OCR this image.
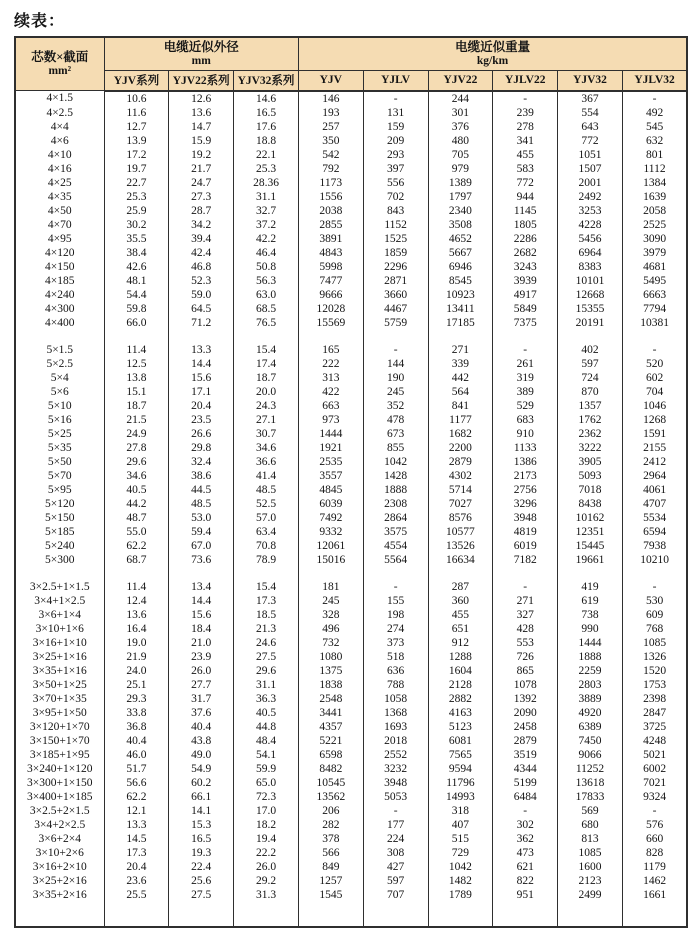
续表：
芯数×截面
mm²

电缆近似外径
mm

电缆近似重量
kg/km

	YJV系列	YJV22系列	YJV32系列	YJV	YJLV	YJV22	YJLV22	YJV32	YJLV32
4×1.5	10.6	12.6	14.6	146	-	244	-	367	-
4×2.5	11.6	13.6	16.5	193	131	301	239	554	492
4×4	12.7	14.7	17.6	257	159	376	278	643	545
4×6	13.9	15.9	18.8	350	209	480	341	772	632
4×10	17.2	19.2	22.1	542	293	705	455	1051	801
4×16	19.7	21.7	25.3	792	397	979	583	1507	1112
4×25	22.7	24.7	28.36	1173	556	1389	772	2001	1384
4×35	25.3	27.3	31.1	1556	702	1797	944	2492	1639
4×50	25.9	28.7	32.7	2038	843	2340	1145	3253	2058
4×70	30.2	34.2	37.2	2855	1152	3508	1805	4228	2525
4×95	35.5	39.4	42.2	3891	1525	4652	2286	5456	3090
4×120	38.4	42.4	46.4	4843	1859	5667	2682	6964	3979
4×150	42.6	46.8	50.8	5998	2296	6946	3243	8383	4681
4×185	48.1	52.3	56.3	7477	2871	8545	3939	10101	5495
4×240	54.4	59.0	63.0	9666	3660	10923	4917	12668	6663
4×300	59.8	64.5	68.5	12028	4467	13411	5849	15355	7794
4×400	66.0	71.2	76.5	15569	5759	17185	7375	20191	10381

5×1.5	11.4	13.3	15.4	165	-	271	-	402	-
5×2.5	12.5	14.4	17.4	222	144	339	261	597	520
5×4	13.8	15.6	18.7	313	190	442	319	724	602
5×6	15.1	17.1	20.0	422	245	564	389	870	704
5×10	18.7	20.4	24.3	663	352	841	529	1357	1046
5×16	21.5	23.5	27.1	973	478	1177	683	1762	1268
5×25	24.9	26.6	30.7	1444	673	1682	910	2362	1591
5×35	27.8	29.8	34.6	1921	855	2200	1133	3222	2155
5×50	29.6	32.4	36.6	2535	1042	2879	1386	3905	2412
5×70	34.6	38.6	41.4	3557	1428	4302	2173	5093	2964
5×95	40.5	44.5	48.5	4845	1888	5714	2756	7018	4061
5×120	44.2	48.5	52.5	6039	2308	7027	3296	8438	4707
5×150	48.7	53.0	57.0	7492	2864	8576	3948	10162	5534
5×185	55.0	59.4	63.4	9332	3575	10577	4819	12351	6594
5×240	62.2	67.0	70.8	12061	4554	13526	6019	15445	7938
5×300	68.7	73.6	78.9	15016	5564	16634	7182	19661	10210

3×2.5+1×1.5	11.4	13.4	15.4	181	-	287	-	419	-
3×4+1×2.5	12.4	14.4	17.3	245	155	360	271	619	530
3×6+1×4	13.6	15.6	18.5	328	198	455	327	738	609
3×10+1×6	16.4	18.4	21.3	496	274	651	428	990	768
3×16+1×10	19.0	21.0	24.6	732	373	912	553	1444	1085
3×25+1×16	21.9	23.9	27.5	1080	518	1288	726	1888	1326
3×35+1×16	24.0	26.0	29.6	1375	636	1604	865	2259	1520
3×50+1×25	25.1	27.7	31.1	1838	788	2128	1078	2803	1753
3×70+1×35	29.3	31.7	36.3	2548	1058	2882	1392	3889	2398
3×95+1×50	33.8	37.6	40.5	3441	1368	4163	2090	4920	2847
3×120+1×70	36.8	40.4	44.8	4357	1693	5123	2458	6389	3725
3×150+1×70	40.4	43.8	48.4	5221	2018	6081	2879	7450	4248
3×185+1×95	46.0	49.0	54.1	6598	2552	7565	3519	9066	5021
3×240+1×120	51.7	54.9	59.9	8482	3232	9594	4344	11252	6002
3×300+1×150	56.6	60.2	65.0	10545	3948	11796	5199	13618	7021
3×400+1×185	62.2	66.1	72.3	13562	5053	14993	6484	17833	9324
3×2.5+2×1.5	12.1	14.1	17.0	206	-	318	-	569	-
3×4+2×2.5	13.3	15.3	18.2	282	177	407	302	680	576
3×6+2×4	14.5	16.5	19.4	378	224	515	362	813	660
3×10+2×6	17.3	19.3	22.2	566	308	729	473	1085	828
3×16+2×10	20.4	22.4	26.0	849	427	1042	621	1600	1179
3×25+2×16	23.6	25.6	29.2	1257	597	1482	822	2123	1462
3×35+2×16	25.5	27.5	31.3	1545	707	1789	951	2499	1661
